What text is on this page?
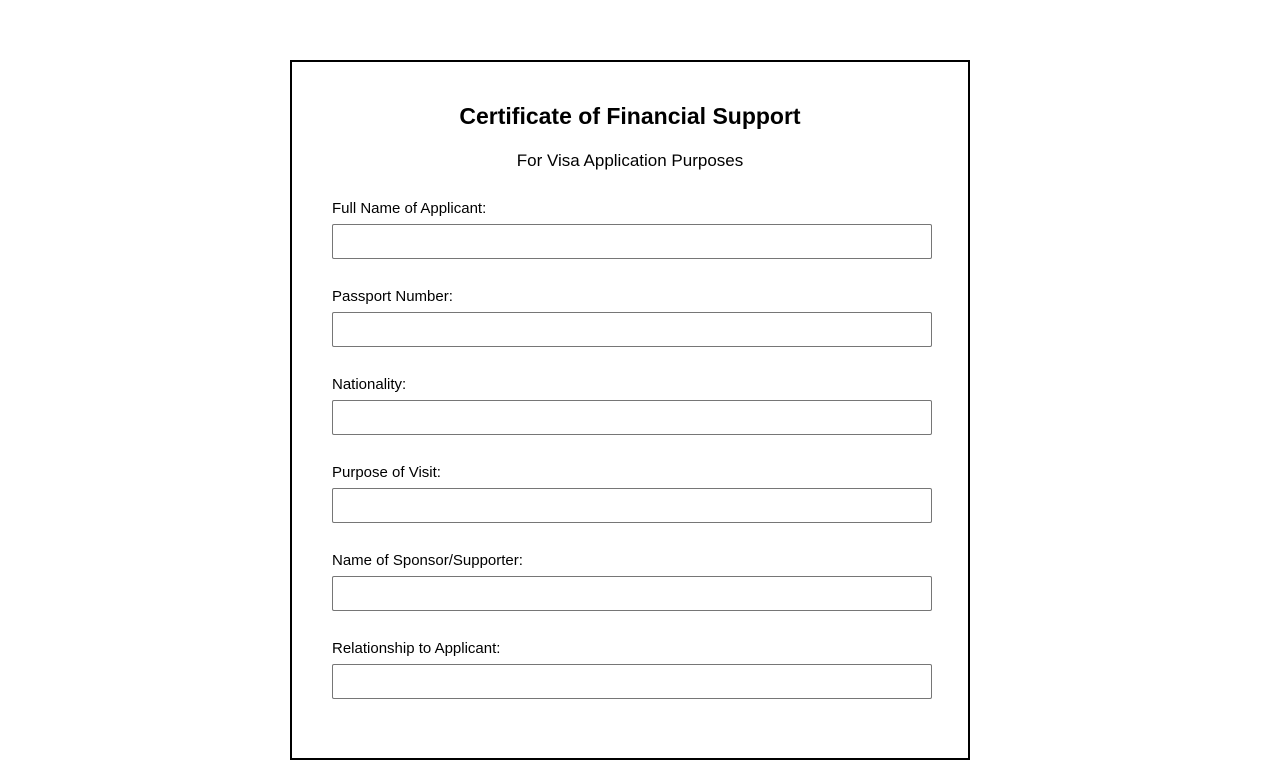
Certificate of Financial Support

For Visa Application Purposes

Full Name of Applicant:
Passport Number:
Nationality:
Purpose of Visit:
Name of Sponsor/Supporter:
Relationship to Applicant:
